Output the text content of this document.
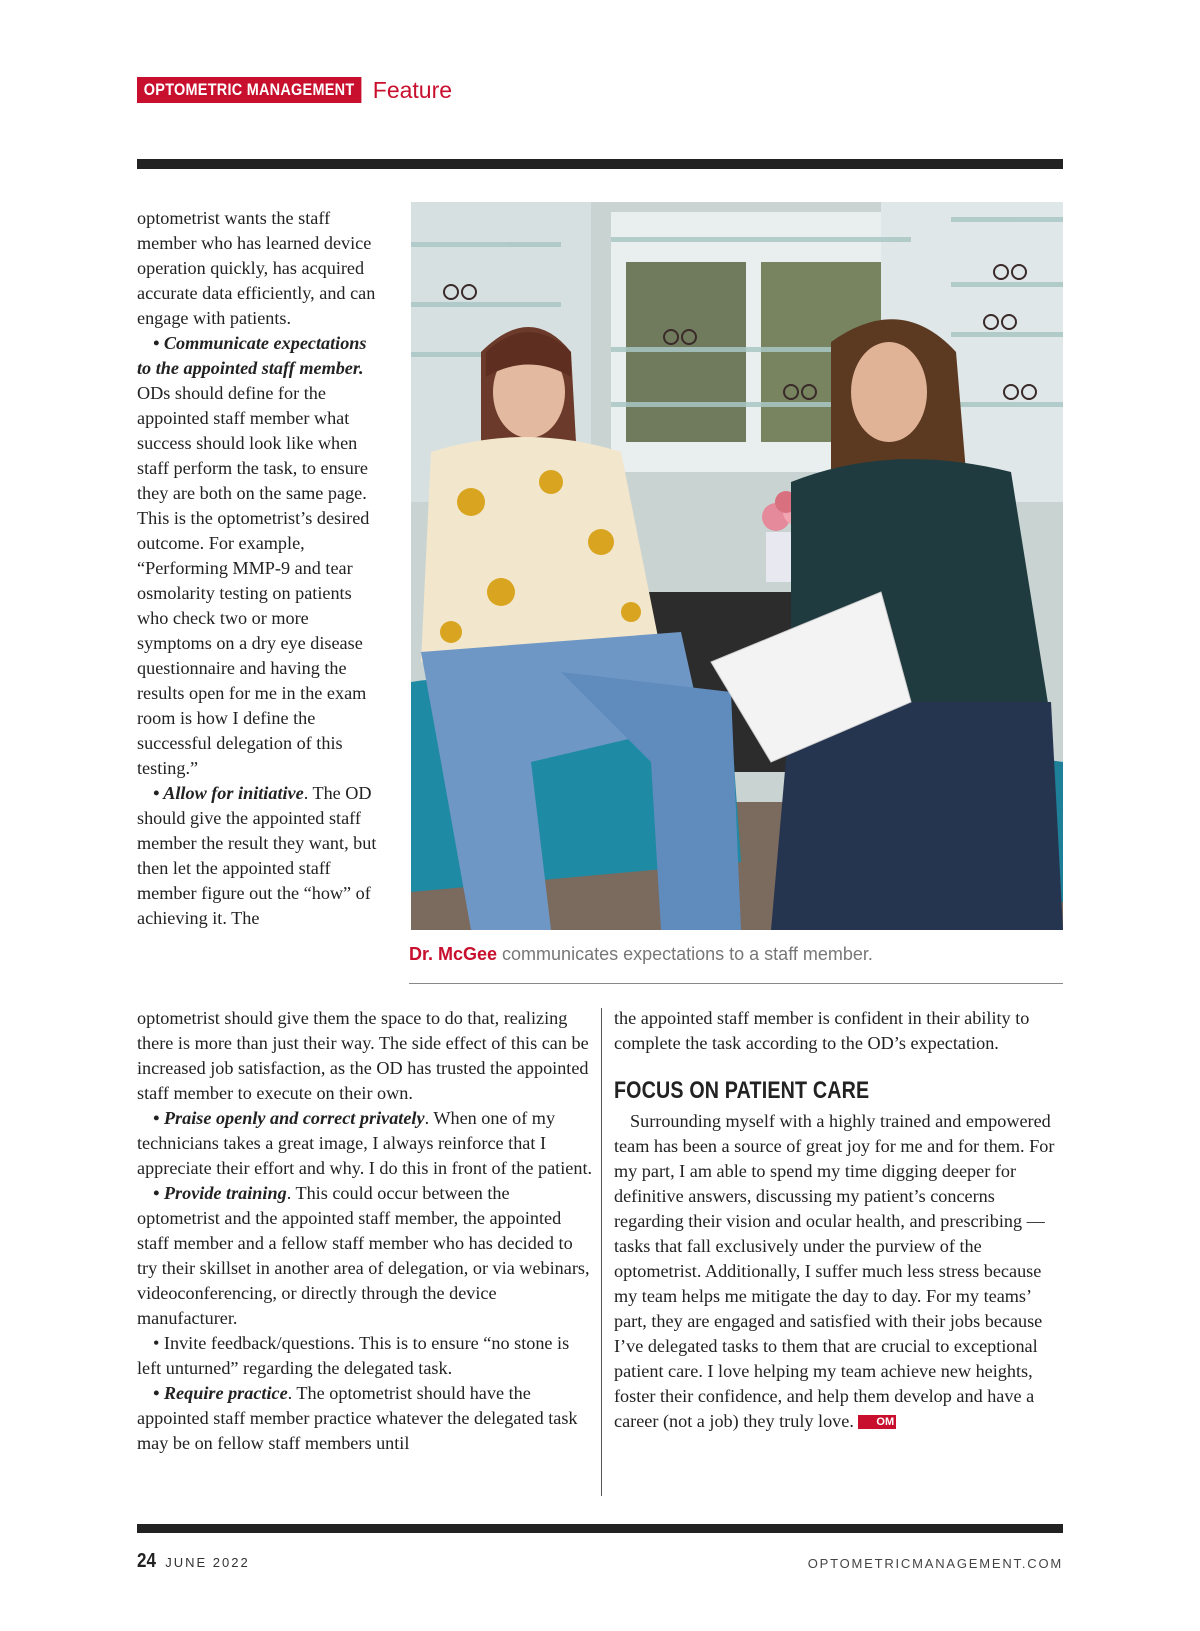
OPTOMETRIC MANAGEMENT Feature

optometrist wants the staff member who has learned device operation quickly, has acquired accurate data efficiently, and can engage with patients.

• Communicate expectations to the appointed staff member. ODs should define for the appointed staff member what success should look like when staff perform the task, to ensure they are both on the same page. This is the optometrist’s desired outcome. For example, “Performing MMP-9 and tear osmolarity testing on patients who check two or more symptoms on a dry eye disease questionnaire and having the results open for me in the exam room is how I define the successful delegation of this testing.”

• Allow for initiative. The OD should give the appointed staff member the result they want, but then let the appointed staff member figure out the “how” of achieving it. The

Dr. McGee communicates expectations to a staff member.

optometrist should give them the space to do that, realizing there is more than just their way. The side effect of this can be increased job satisfaction, as the OD has trusted the appointed staff member to execute on their own.

• Praise openly and correct privately. When one of my technicians takes a great image, I always reinforce that I appreciate their effort and why. I do this in front of the patient.

• Provide training. This could occur between the optometrist and the appointed staff member, the appointed staff member and a fellow staff member who has decided to try their skillset in another area of delegation, or via webinars, videoconferencing, or directly through the device manufacturer.

• Invite feedback/questions. This is to ensure “no stone is left unturned” regarding the delegated task.

• Require practice. The optometrist should have the appointed staff member practice whatever the delegated task may be on fellow staff members until

the appointed staff member is confident in their ability to complete the task according to the OD’s expectation.

FOCUS ON PATIENT CARE

Surrounding myself with a highly trained and empowered team has been a source of great joy for me and for them. For my part, I am able to spend my time digging deeper for definitive answers, discussing my patient’s concerns regarding their vision and ocular health, and prescribing — tasks that fall exclusively under the purview of the optometrist. Additionally, I suffer much less stress because my team helps me mitigate the day to day. For my teams’ part, they are engaged and satisfied with their jobs because I’ve delegated tasks to them that are crucial to exceptional patient care. I love helping my team achieve new heights, foster their confidence, and help them develop and have a career (not a job) they truly love. OM

24 JUNE 2022	OPTOMETRICMANAGEMENT.COM
